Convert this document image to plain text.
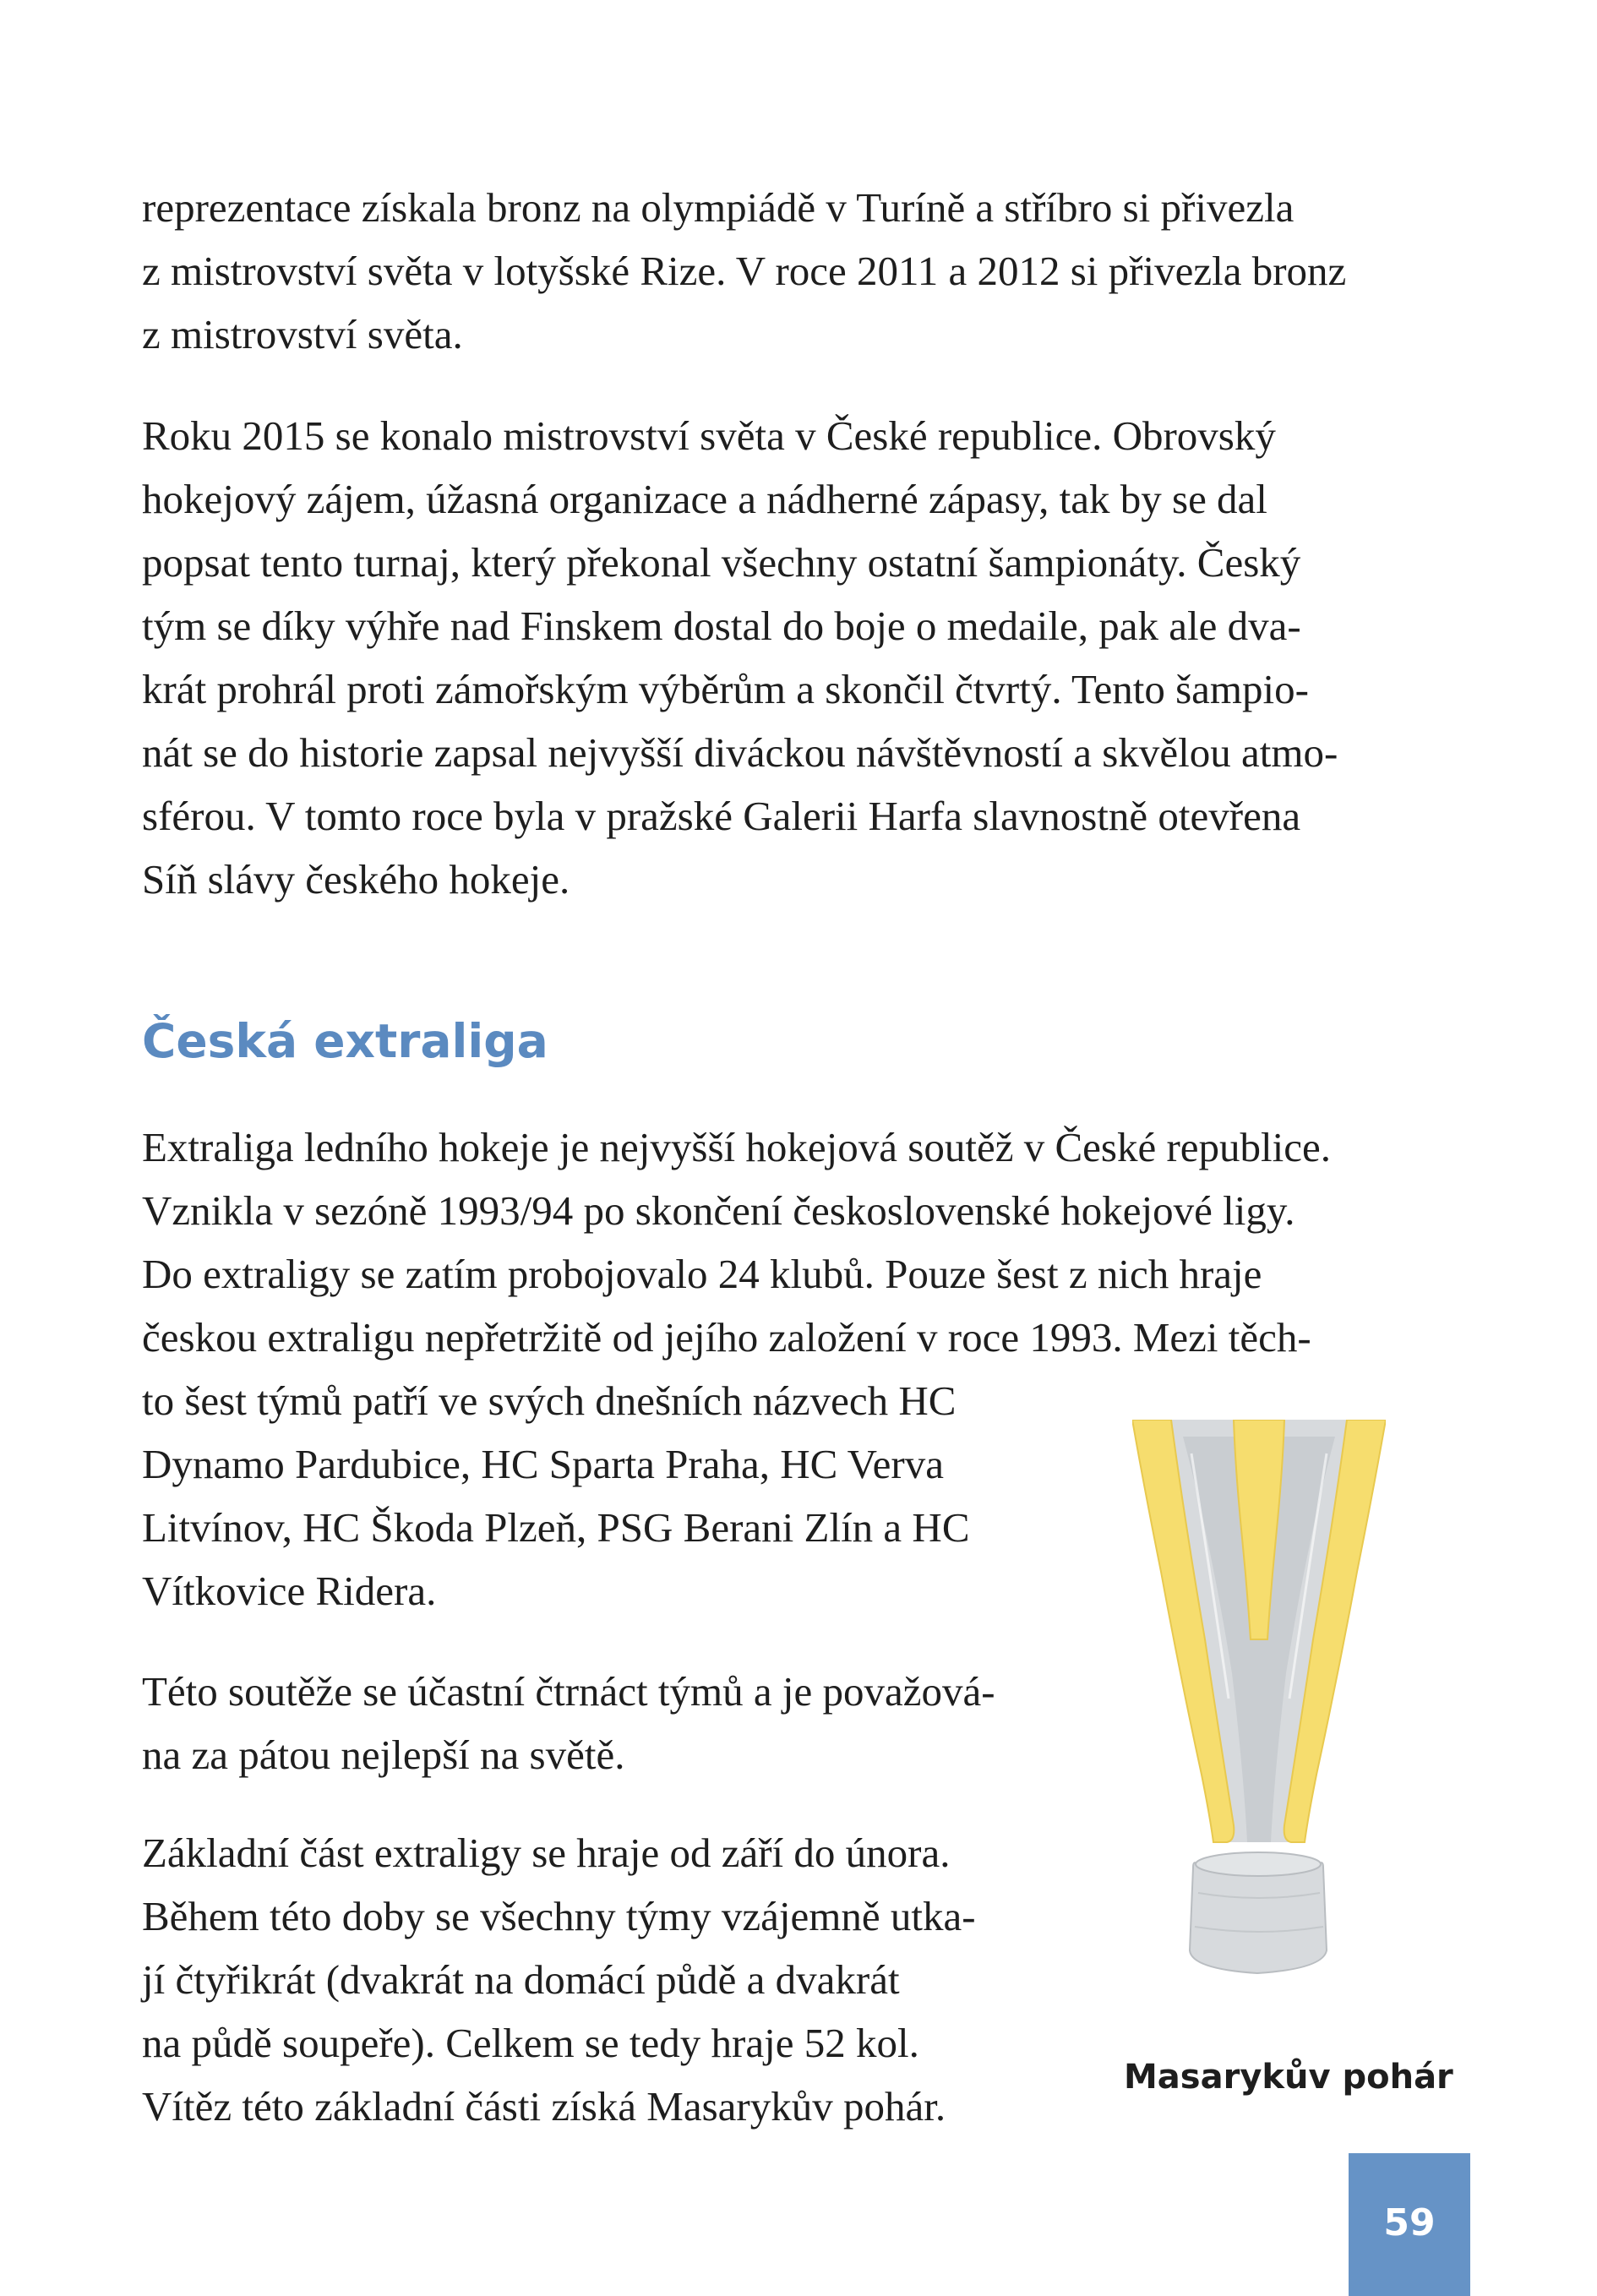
reprezentace získala bronz na olympiádě v Turíně a stříbro si přivezla
z mistrovství světa v lotyšské Rize. V roce 2011 a 2012 si přivezla bronz
z mistrovství světa.

Roku 2015 se konalo mistrovství světa v České republice. Obrovský
hokejový zájem, úžasná organizace a nádherné zápasy, tak by se dal
popsat tento turnaj, který překonal všechny ostatní šampionáty. Český
tým se díky výhře nad Finskem dostal do boje o medaile, pak ale dva-
krát prohrál proti zámořským výběrům a skončil čtvrtý. Tento šampio-
nát se do historie zapsal nejvyšší diváckou návštěvností a skvělou atmo-
sférou. V tomto roce byla v pražské Galerii Harfa slavnostně otevřena
Síň slávy českého hokeje.

Česká extraliga

Extraliga ledního hokeje je nejvyšší hokejová soutěž v České republice.
Vznikla v sezóně 1993/94 po skončení československé hokejové ligy.
Do extraligy se zatím probojovalo 24 klubů. Pouze šest z nich hraje
českou extraligu nepřetržitě od jejího založení v roce 1993. Mezi těch-
to šest týmů patří ve svých dnešních názvech HC
Dynamo Pardubice, HC Sparta Praha, HC Verva
Litvínov, HC Škoda Plzeň, PSG Berani Zlín a HC
Vítkovice Ridera.

Této soutěže se účastní čtrnáct týmů a je považová-
na za pátou nejlepší na světě.

Základní část extraligy se hraje od září do února.
Během této doby se všechny týmy vzájemně utka-
jí čtyřikrát (dvakrát na domácí půdě a dvakrát
na půdě soupeře). Celkem se tedy hraje 52 kol.
Vítěz této základní části získá Masarykův pohár.

Masarykův pohár
59
